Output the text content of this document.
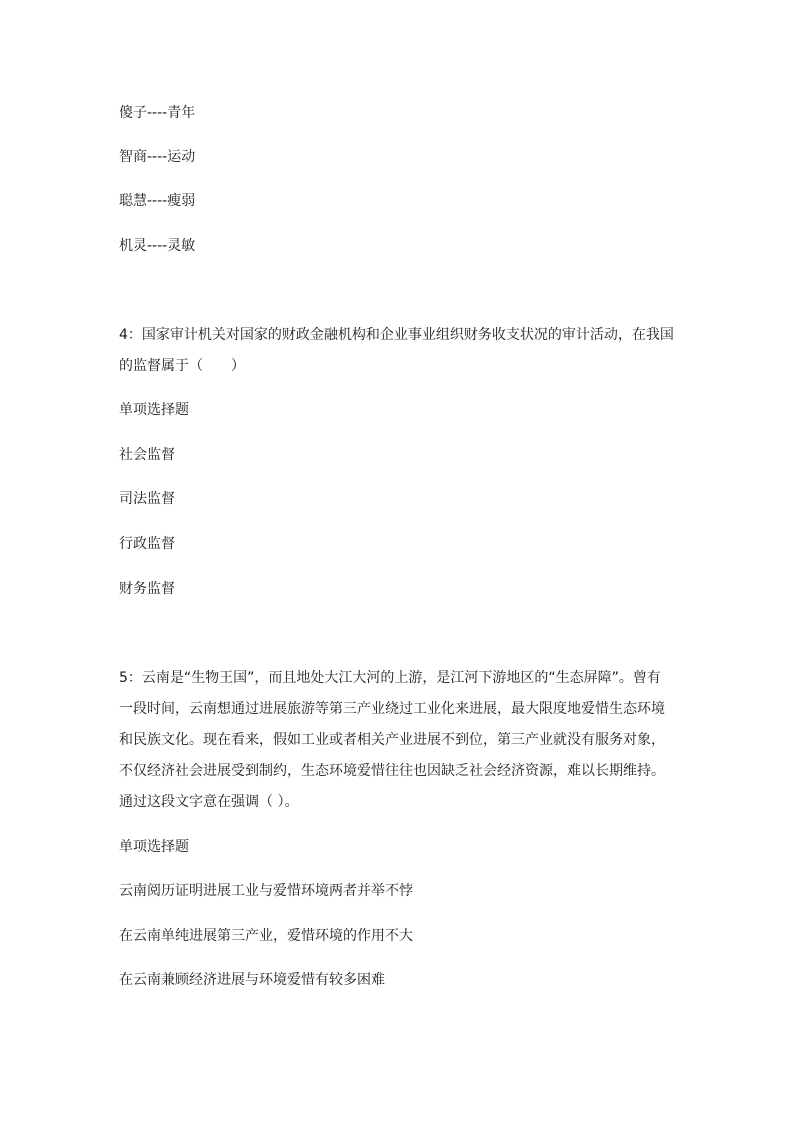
傻子----青年
智商----运动
聪慧----瘦弱
机灵----灵敏
4：国家审计机关对国家的财政金融机构和企业事业组织财务收支状况的审计活动，在我国
的监督属于（　　）
单项选择题
社会监督
司法监督
行政监督
财务监督
5：云南是“生物王国”，而且地处大江大河的上游，是江河下游地区的“生态屏障”。曾有
一段时间，云南想通过进展旅游等第三产业绕过工业化来进展，最大限度地爱惜生态环境
和民族文化。现在看来，假如工业或者相关产业进展不到位，第三产业就没有服务对象，
不仅经济社会进展受到制约，生态环境爱惜往往也因缺乏社会经济资源，难以长期维持。
通过这段文字意在强调（ ）。
单项选择题
云南阅历证明进展工业与爱惜环境两者并举不悖
在云南单纯进展第三产业，爱惜环境的作用不大
在云南兼顾经济进展与环境爱惜有较多困难
